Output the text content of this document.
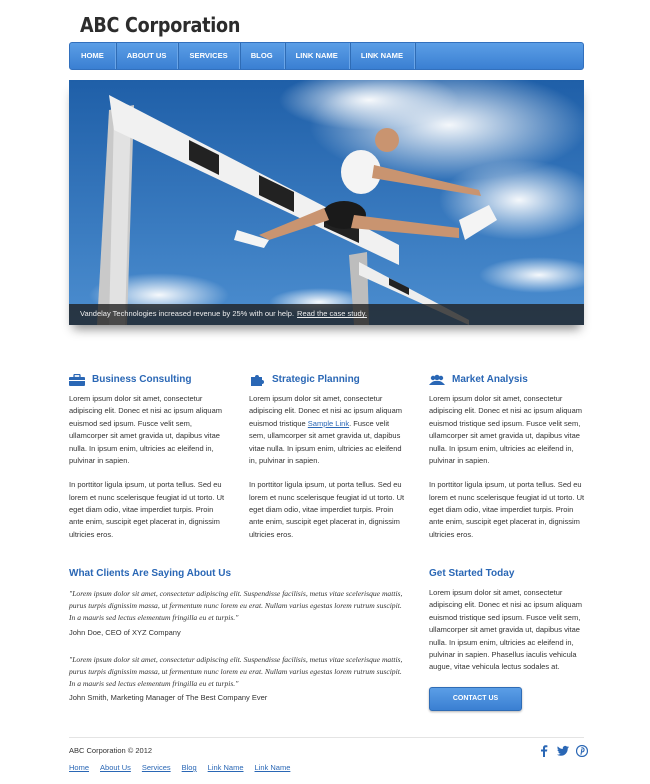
ABC Corporation
HOME	ABOUT US	SERVICES	BLOG	LINK NAME	LINK NAME
Vandelay Technologies increased revenue by 25% with our help. Read the case study.
Business Consulting

Lorem ipsum dolor sit amet, consectetur adipiscing elit. Donec et nisi ac ipsum aliquam euismod sed ipsum. Fusce velit sem, ullamcorper sit amet gravida ut, dapibus vitae nulla. In ipsum enim, ultricies ac eleifend in, pulvinar in sapien.

In porttitor ligula ipsum, ut porta tellus. Sed eu lorem et nunc scelerisque feugiat id ut torto. Ut eget diam odio, vitae imperdiet turpis. Proin ante enim, suscipit eget placerat in, dignissim ultricies eros.

Strategic Planning

Lorem ipsum dolor sit amet, consectetur adipiscing elit. Donec et nisi ac ipsum aliquam euismod tristique Sample Link. Fusce velit sem, ullamcorper sit amet gravida ut, dapibus vitae nulla. In ipsum enim, ultricies ac eleifend in, pulvinar in sapien.

In porttitor ligula ipsum, ut porta tellus. Sed eu lorem et nunc scelerisque feugiat id ut torto. Ut eget diam odio, vitae imperdiet turpis. Proin ante enim, suscipit eget placerat in, dignissim ultricies eros.

Market Analysis

Lorem ipsum dolor sit amet, consectetur adipiscing elit. Donec et nisi ac ipsum aliquam euismod tristique sed ipsum. Fusce velit sem, ullamcorper sit amet gravida ut, dapibus vitae nulla. In ipsum enim, ultricies ac eleifend in, pulvinar in sapien.

In porttitor ligula ipsum, ut porta tellus. Sed eu lorem et nunc scelerisque feugiat id ut torto. Ut eget diam odio, vitae imperdiet turpis. Proin ante enim, suscipit eget placerat in, dignissim ultricies eros.

What Clients Are Saying About Us
"Lorem ipsum dolor sit amet, consectetur adipiscing elit. Suspendisse facilisis, metus vitae scelerisque mattis, purus turpis dignissim massa, ut fermentum nunc lorem eu erat. Nullam varius egestas lorem rutrum suscipit. In a mauris sed lectus elementum fringilla eu et turpis."
John Doe, CEO of XYZ Company
"Lorem ipsum dolor sit amet, consectetur adipiscing elit. Suspendisse facilisis, metus vitae scelerisque mattis, purus turpis dignissim massa, ut fermentum nunc lorem eu erat. Nullam varius egestas lorem rutrum suscipit. In a mauris sed lectus elementum fringilla eu et turpis."
John Smith, Marketing Manager of The Best Company Ever
Get Started Today
Lorem ipsum dolor sit amet, consectetur adipiscing elit. Donec et nisi ac ipsum aliquam euismod tristique sed ipsum. Fusce velit sem, ullamcorper sit amet gravida ut, dapibus vitae nulla. In ipsum enim, ultricies ac eleifend in, pulvinar in sapien. Phasellus iaculis vehicula augue, vitae vehicula lectus sodales at.
CONTACT US
ABC Corporation © 2012
Home About Us Services Blog Link Name Link Name
